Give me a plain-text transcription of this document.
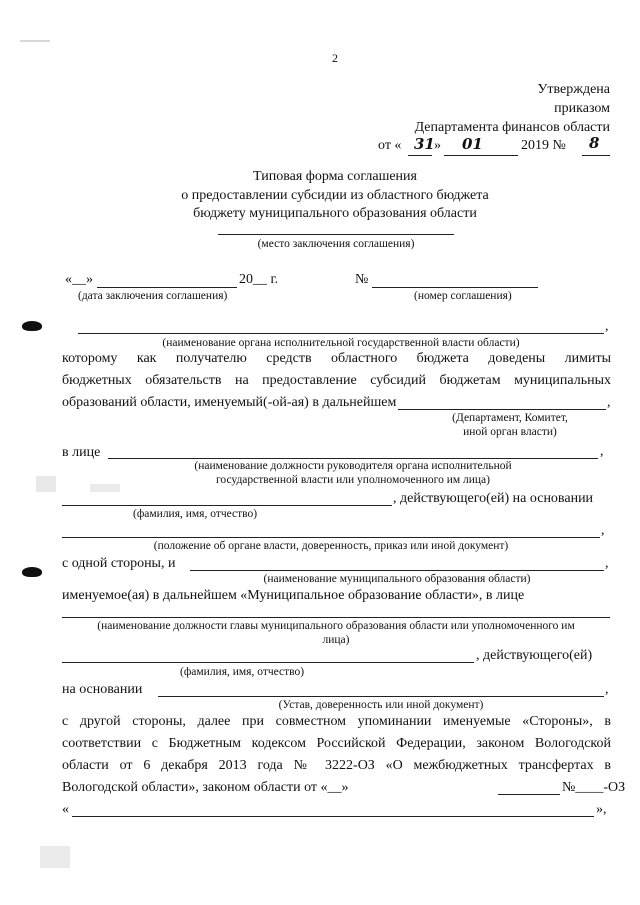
2
Утверждена
приказом
Департамента финансов области
от « 31 » 01	2019 № 8
Типовая форма соглашения
о предоставлении субсидии из областного бюджета
бюджету муниципального образования области
(место заключения соглашения)
«__»	20__ г.	№
(дата заключения соглашения)	(номер соглашения)
,
(наименование органа исполнительной государственной власти области)
которому как получателю средств областного бюджета доведены лимиты
бюджетных обязательств на предоставление субсидий бюджетам муниципальных
образований области, именуемый(-ой-ая) в дальнейшем	,
(Департамент, Комитет,
иной орган власти)
в лице	,
(наименование должности руководителя органа исполнительной
государственной власти или уполномоченного им лица)
, действующего(ей) на основании
(фамилия, имя, отчество)
,
(положение об органе власти, доверенность, приказ или иной документ)
с одной стороны, и	,
(наименование муниципального образования области)
именуемое(ая) в дальнейшем «Муниципальное образование области», в лице
(наименование должности главы муниципального образования области или уполномоченного им
лица)
, действующего(ей)
(фамилия, имя, отчество)
на основании	,
(Устав, доверенность или иной документ)
с другой стороны, далее при совместном упоминании именуемые «Стороны», в
соответствии с Бюджетным кодексом Российской Федерации, законом Вологодской
области от 6 декабря 2013 года № 3222-ОЗ «О межбюджетных трансфертах в
Вологодской области», законом области от «__»	№____-ОЗ
«	»,
